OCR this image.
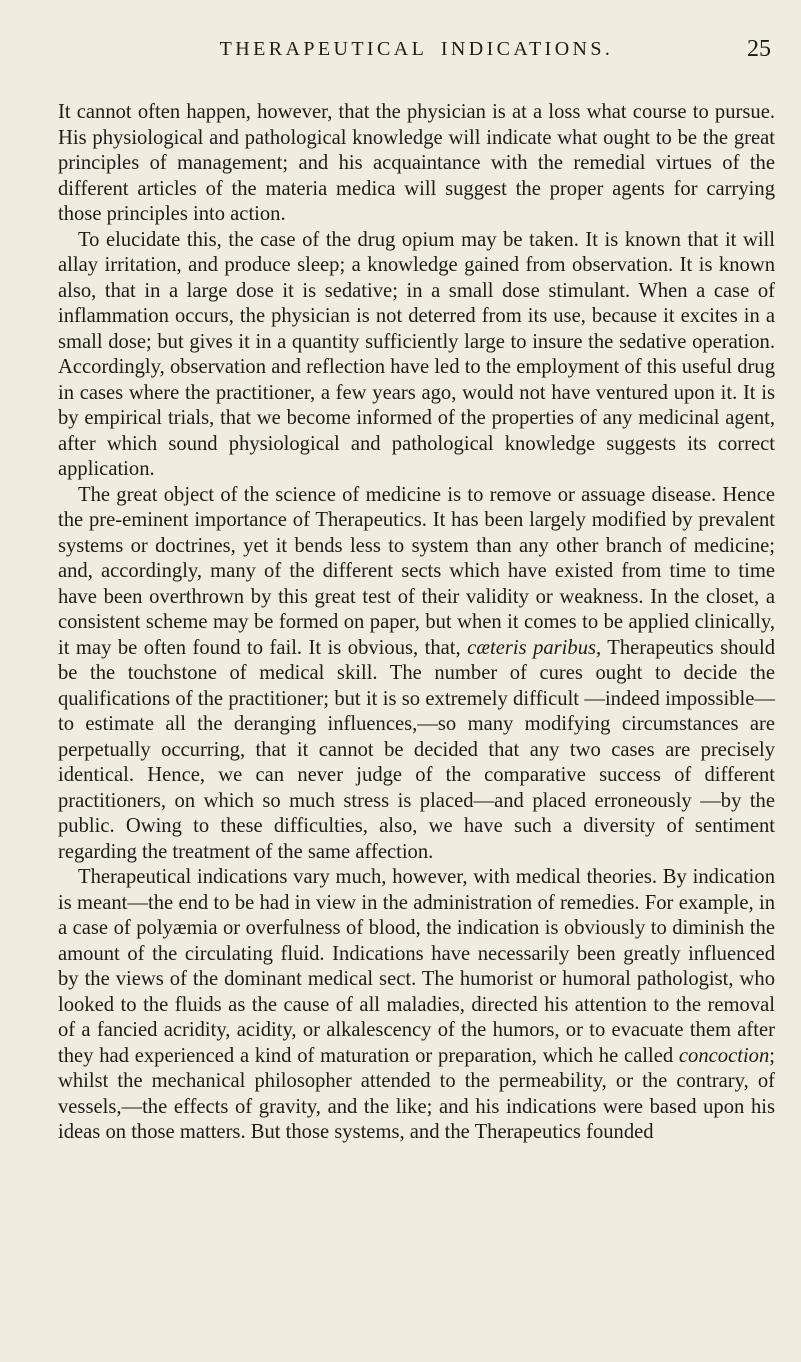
THERAPEUTICAL INDICATIONS.	25

It cannot often happen, however, that the physician is at a loss what course to pursue. His physiological and pathological knowledge will indicate what ought to be the great principles of management; and his acquaintance with the remedial virtues of the different articles of the materia medica will suggest the proper agents for carrying those principles into action.

To elucidate this, the case of the drug opium may be taken. It is known that it will allay irritation, and produce sleep; a knowledge gained from observation. It is known also, that in a large dose it is sedative; in a small dose stimulant. When a case of inflammation occurs, the physician is not deterred from its use, because it excites in a small dose; but gives it in a quantity sufficiently large to insure the sedative operation. Accordingly, observation and reflection have led to the employment of this useful drug in cases where the practitioner, a few years ago, would not have ventured upon it. It is by empirical trials, that we become informed of the properties of any medicinal agent, after which sound physiological and pathological knowledge suggests its correct application.

The great object of the science of medicine is to remove or assuage disease. Hence the pre-eminent importance of Therapeutics. It has been largely modified by prevalent systems or doctrines, yet it bends less to system than any other branch of medicine; and, accordingly, many of the different sects which have existed from time to time have been overthrown by this great test of their validity or weakness. In the closet, a consistent scheme may be formed on paper, but when it comes to be applied clinically, it may be often found to fail. It is obvious, that, cæteris paribus, Therapeutics should be the touchstone of medical skill. The number of cures ought to decide the qualifications of the practitioner; but it is so extremely difficult —indeed impossible—to estimate all the deranging influences,—so many modifying circumstances are perpetually occurring, that it cannot be decided that any two cases are precisely identical. Hence, we can never judge of the comparative success of different practitioners, on which so much stress is placed—and placed erroneously —by the public. Owing to these difficulties, also, we have such a diversity of sentiment regarding the treatment of the same affection.

Therapeutical indications vary much, however, with medical theories. By indication is meant—the end to be had in view in the administration of remedies. For example, in a case of polyæmia or overfulness of blood, the indication is obviously to diminish the amount of the circulating fluid. Indications have necessarily been greatly influenced by the views of the dominant medical sect. The humorist or humoral pathologist, who looked to the fluids as the cause of all maladies, directed his attention to the removal of a fancied acridity, acidity, or alkalescency of the humors, or to evacuate them after they had experienced a kind of maturation or preparation, which he called concoction; whilst the mechanical philosopher attended to the permeability, or the contrary, of vessels,—the effects of gravity, and the like; and his indications were based upon his ideas on those matters. But those systems, and the Therapeutics founded
